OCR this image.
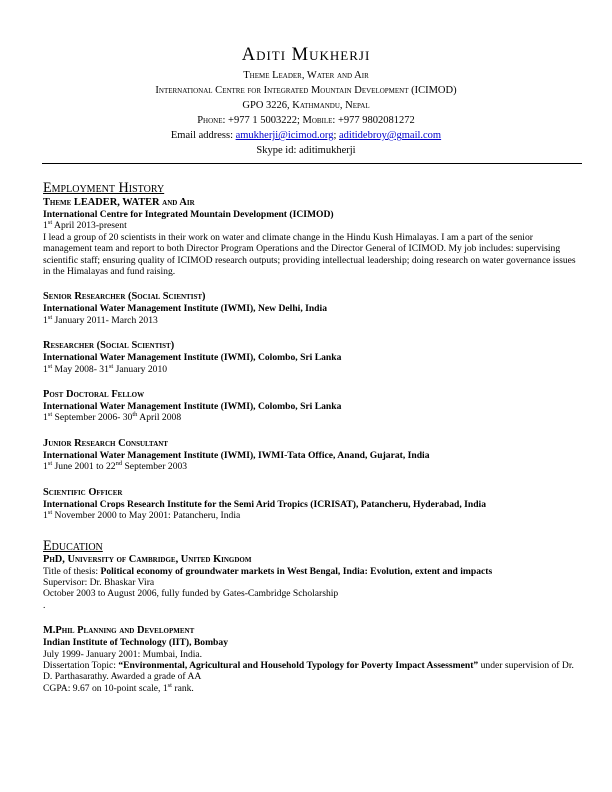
Aditi Mukherji
Theme Leader, Water and Air
International Centre for Integrated Mountain Development (ICIMOD)
GPO 3226, Kathmandu, Nepal
Phone: +977 1 5003222; Mobile: +977 9802081272
Email address: amukherji@icimod.org; aditidebroy@gmail.com
Skype id: aditimukherji
Employment History
Theme LEADER, WATER and Air
International Centre for Integrated Mountain Development (ICIMOD)
1st April 2013-present

I lead a group of 20 scientists in their work on water and climate change in the Hindu Kush Himalayas. I am a part of the senior management team and report to both Director Program Operations and the Director General of ICIMOD. My job includes: supervising scientific staff; ensuring quality of ICIMOD research outputs; providing intellectual leadership; doing research on water governance issues in the Himalayas and fund raising.

Senior Researcher (Social Scientist)
International Water Management Institute (IWMI), New Delhi, India
1st January 2011- March 2013
Researcher (Social Scientist)
International Water Management Institute (IWMI), Colombo, Sri Lanka
1st May 2008- 31st January 2010
Post Doctoral Fellow
International Water Management Institute (IWMI), Colombo, Sri Lanka
1st September 2006- 30th April 2008
Junior Research Consultant
International Water Management Institute (IWMI), IWMI-Tata Office, Anand, Gujarat, India
1st June 2001 to 22nd September 2003
Scientific Officer
International Crops Research Institute for the Semi Arid Tropics (ICRISAT), Patancheru, Hyderabad, India
1st November 2000 to May 2001: Patancheru, India
Education
PhD, University of Cambridge, United Kingdom
Title of thesis: Political economy of groundwater markets in West Bengal, India: Evolution, extent and impacts
Supervisor: Dr. Bhaskar Vira
October 2003 to August 2006, fully funded by Gates-Cambridge Scholarship
.
M.Phil Planning and Development
Indian Institute of Technology (IIT), Bombay
July 1999- January 2001: Mumbai, India.

Dissertation Topic: “Environmental, Agricultural and Household Typology for Poverty Impact Assessment” under supervision of Dr. D. Parthasarathy. Awarded a grade of AA

CGPA: 9.67 on 10-point scale, 1st rank.
